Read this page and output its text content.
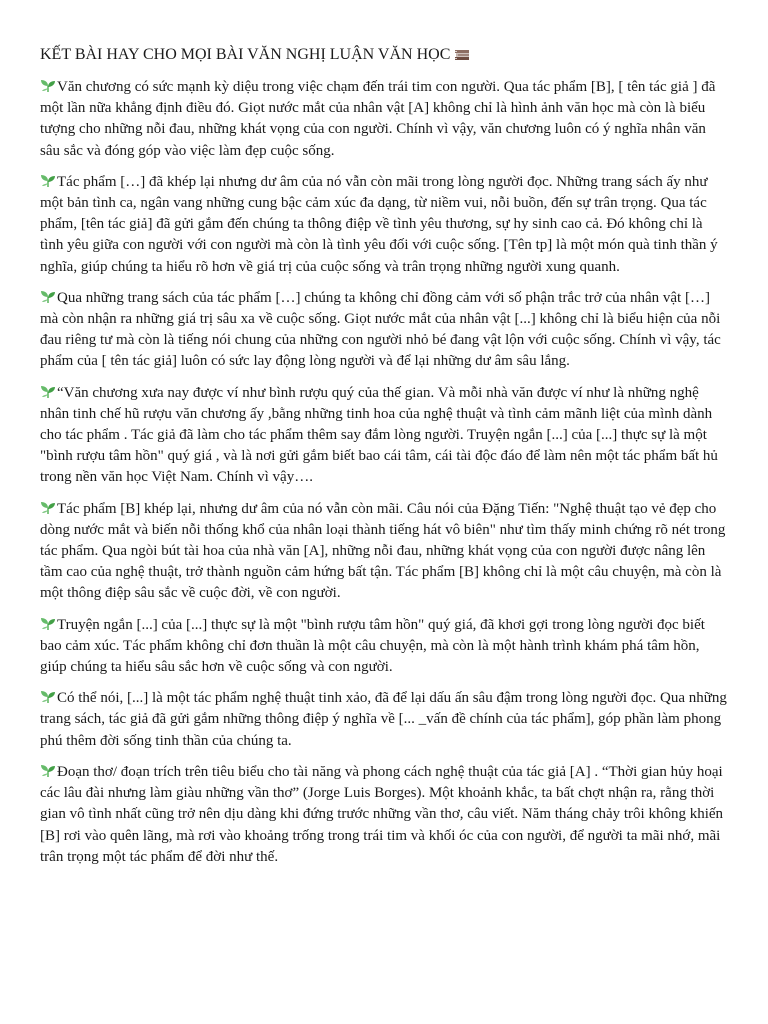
KẾT BÀI HAY CHO MỌI BÀI VĂN NGHỊ LUẬN VĂN HỌC

Văn chương có sức mạnh kỳ diệu trong việc chạm đến trái tim con người. Qua tác phẩm [B], [ tên tác giả ] đã một lần nữa khẳng định điều đó. Giọt nước mắt của nhân vật [A] không chỉ là hình ảnh văn học mà còn là biểu tượng cho những nỗi đau, những khát vọng của con người. Chính vì vậy, văn chương luôn có ý nghĩa nhân văn sâu sắc và đóng góp vào việc làm đẹp cuộc sống.

Tác phẩm […] đã khép lại nhưng dư âm của nó vẫn còn mãi trong lòng người đọc. Những trang sách ấy như một bản tình ca, ngân vang những cung bậc cảm xúc đa dạng, từ niềm vui, nỗi buồn, đến sự trân trọng. Qua tác phẩm, [tên tác giả] đã gửi gắm đến chúng ta thông điệp về tình yêu thương, sự hy sinh cao cả. Đó không chỉ là tình yêu giữa con người với con người mà còn là tình yêu đối với cuộc sống. [Tên tp] là một món quà tinh thần ý nghĩa, giúp chúng ta hiểu rõ hơn về giá trị của cuộc sống và trân trọng những người xung quanh.

Qua những trang sách của tác phẩm […] chúng ta không chỉ đồng cảm với số phận trắc trở của nhân vật […] mà còn nhận ra những giá trị sâu xa về cuộc sống. Giọt nước mắt của nhân vật [...] không chỉ là biểu hiện của nỗi đau riêng tư mà còn là tiếng nói chung của những con người nhỏ bé đang vật lộn với cuộc sống. Chính vì vậy, tác phẩm của [ tên tác giả] luôn có sức lay động lòng người và để lại những dư âm sâu lắng.

“Văn chương xưa nay được ví như bình rượu quý của thế gian. Và mỗi nhà văn được ví như là những nghệ nhân tinh chế hũ rượu văn chương ấy ,bằng những tinh hoa của nghệ thuật và tình cảm mãnh liệt của mình dành cho tác phẩm . Tác giả đã làm cho tác phẩm thêm say đắm lòng người. Truyện ngắn [...] của [...] thực sự là một "bình rượu tâm hồn" quý giá , và là nơi gửi gắm biết bao cái tâm, cái tài độc đáo để làm nên một tác phẩm bất hủ trong nền văn học Việt Nam. Chính vì vậy….

Tác phẩm [B] khép lại, nhưng dư âm của nó vẫn còn mãi. Câu nói của Đặng Tiến: "Nghệ thuật tạo vẻ đẹp cho dòng nước mắt và biến nỗi thống khổ của nhân loại thành tiếng hát vô biên" như tìm thấy minh chứng rõ nét trong tác phẩm. Qua ngòi bút tài hoa của nhà văn [A], những nỗi đau, những khát vọng của con người được nâng lên tầm cao của nghệ thuật, trở thành nguồn cảm hứng bất tận. Tác phẩm [B] không chỉ là một câu chuyện, mà còn là một thông điệp sâu sắc về cuộc đời, về con người.

Truyện ngắn [...] của [...] thực sự là một "bình rượu tâm hồn" quý giá, đã khơi gợi trong lòng người đọc biết bao cảm xúc. Tác phẩm không chỉ đơn thuần là một câu chuyện, mà còn là một hành trình khám phá tâm hồn, giúp chúng ta hiểu sâu sắc hơn về cuộc sống và con người.

Có thể nói, [...] là một tác phẩm nghệ thuật tinh xảo, đã để lại dấu ấn sâu đậm trong lòng người đọc. Qua những trang sách, tác giả đã gửi gắm những thông điệp ý nghĩa về [... _vấn đề chính của tác phẩm], góp phần làm phong phú thêm đời sống tinh thần của chúng ta.

Đoạn thơ/ đoạn trích trên tiêu biểu cho tài năng và phong cách nghệ thuật của tác giả [A] . “Thời gian hủy hoại các lâu đài nhưng làm giàu những vần thơ” (Jorge Luis Borges). Một khoảnh khắc, ta bất chợt nhận ra, rằng thời gian vô tình nhất cũng trở nên dịu dàng khi đứng trước những vần thơ, câu viết. Năm tháng chảy trôi không khiến [B] rơi vào quên lãng, mà rơi vào khoảng trống trong trái tim và khối óc của con người, để người ta mãi nhớ, mãi trân trọng một tác phẩm để đời như thế.
